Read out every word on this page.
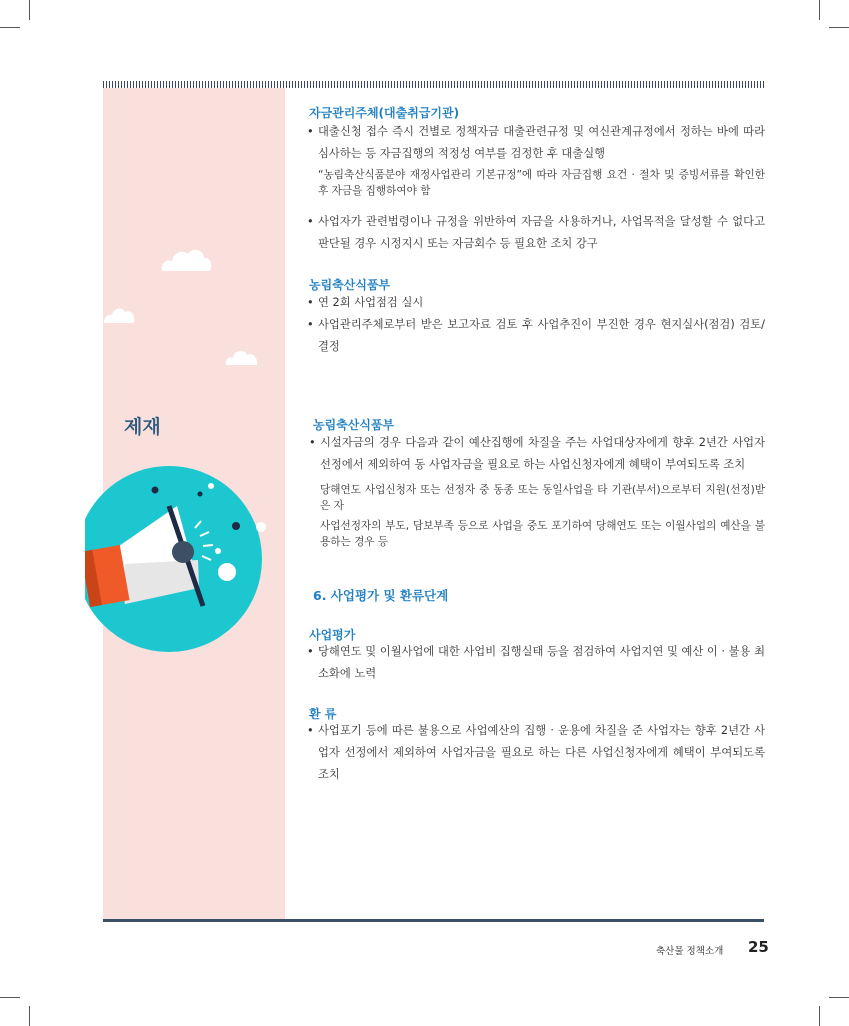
제재

자금관리주체(대출취급기관)

• 대출신청 접수 즉시 건별로 정책자금 대출관련규정 및 여신관계규정에서 정하는 바에 따라 심사하는 등 자금집행의 적정성 여부를 검정한 후 대출실행

“농림축산식품분야 재정사업관리 기본규정”에 따라 자금집행 요건 · 절차 및 증빙서류를 확인한 후 자금을 집행하여야 함

• 사업자가 관련법령이나 규정을 위반하여 자금을 사용하거나, 사업목적을 달성할 수 없다고 판단될 경우 시정지시 또는 자금회수 등 필요한 조치 강구

농림축산식품부

• 연 2회 사업점검 실시

• 사업관리주체로부터 받은 보고자료 검토 후 사업추진이 부진한 경우 현지실사(점검) 검토/결정

농림축산식품부

• 시설자금의 경우 다음과 같이 예산집행에 차질을 주는 사업대상자에게 향후 2년간 사업자 선정에서 제외하여 동 사업자금을 필요로 하는 사업신청자에게 혜택이 부여되도록 조치

당해연도 사업신청자 또는 선정자 중 동종 또는 동일사업을 타 기관(부서)으로부터 지원(선정)받은 자

사업선정자의 부도, 담보부족 등으로 사업을 중도 포기하여 당해연도 또는 이월사업의 예산을 불용하는 경우 등

6. 사업평가 및 환류단계

사업평가

• 당해연도 및 이월사업에 대한 사업비 집행실태 등을 점검하여 사업지연 및 예산 이 · 불용 최소화에 노력

환 류

• 사업포기 등에 따른 불용으로 사업예산의 집행 · 운용에 차질을 준 사업자는 향후 2년간 사업자 선정에서 제외하여 사업자금을 필요로 하는 다른 사업신청자에게 혜택이 부여되도록 조치

축산물 정책소개 25
